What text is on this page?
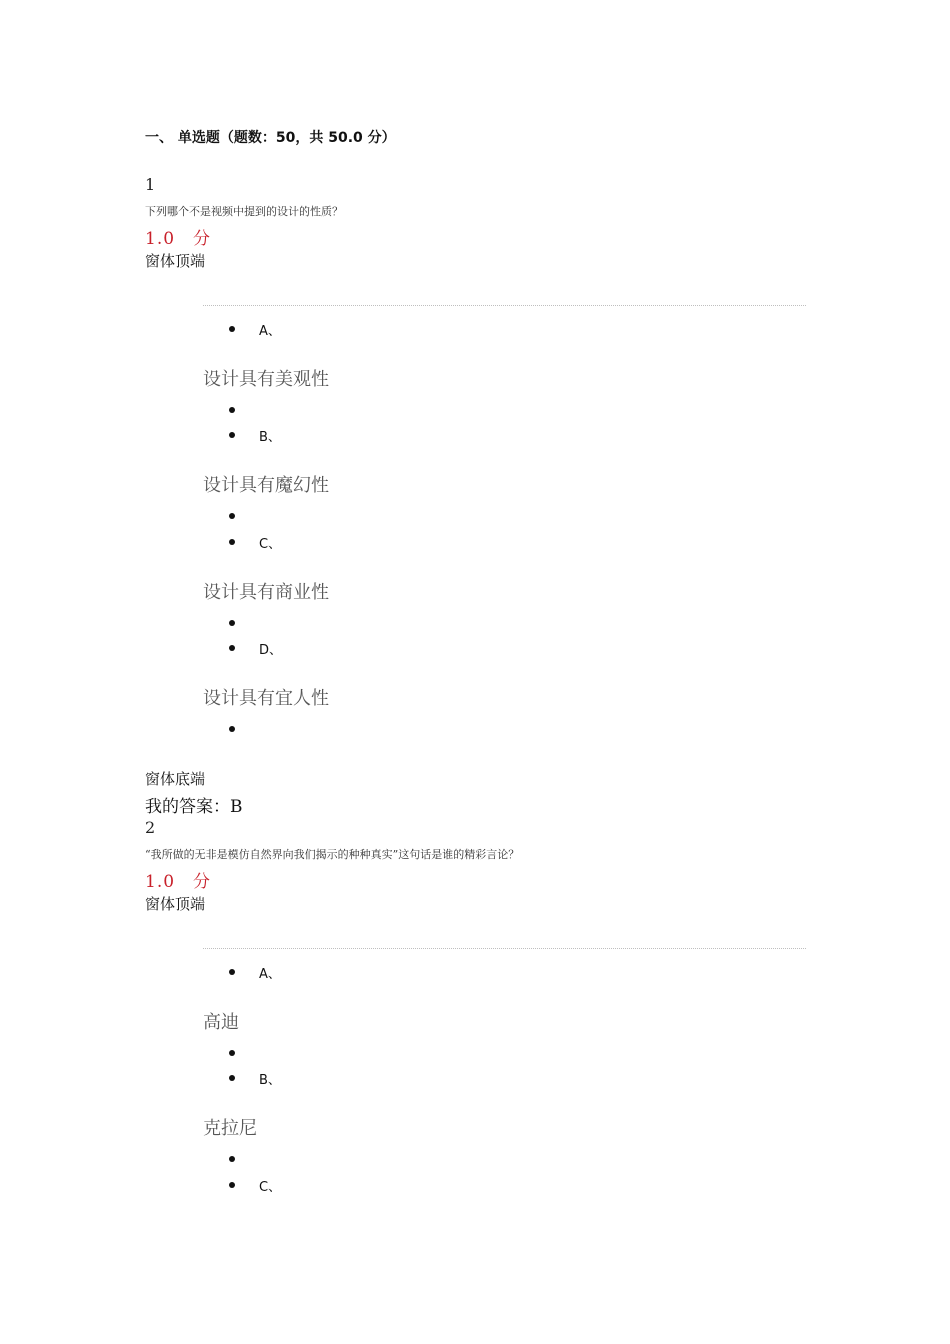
一、 单选题（题数：50，共 50.0 分）
1
下列哪个不是视频中提到的设计的性质？
1.0　分
窗体顶端
A、
设计具有美观性
B、
设计具有魔幻性
C、
设计具有商业性
D、
设计具有宜人性
窗体底端
我的答案：B
2
“我所做的无非是模仿自然界向我们揭示的种种真实”这句话是谁的精彩言论？
1.0　分
窗体顶端
A、
高迪
B、
克拉尼
C、
